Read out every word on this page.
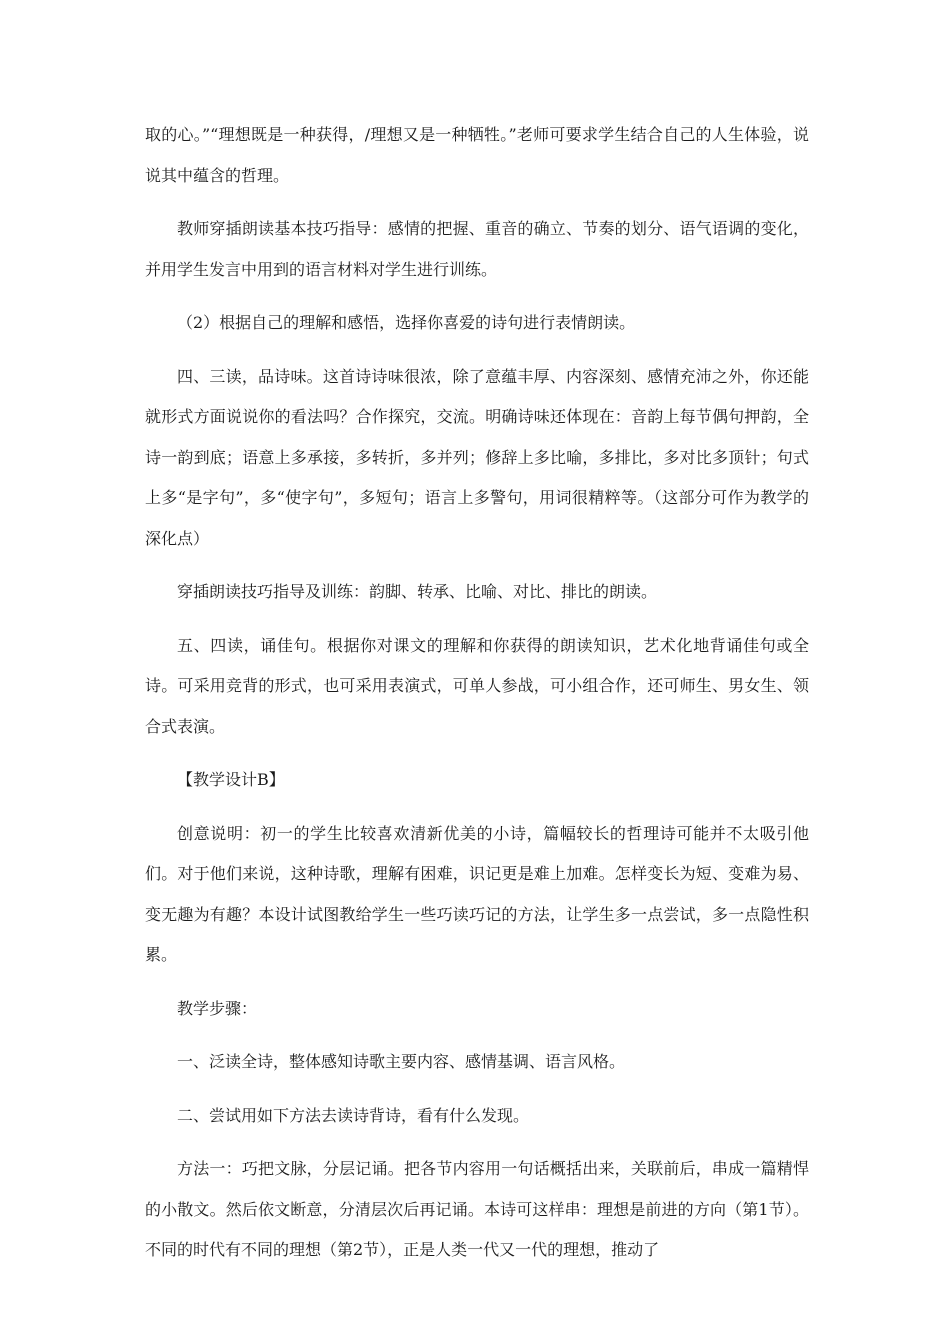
取的心。”“理想既是一种获得，/理想又是一种牺牲。”老师可要求学生结合自己的人生体验，说说其中蕴含的哲理。

教师穿插朗读基本技巧指导：感情的把握、重音的确立、节奏的划分、语气语调的变化，并用学生发言中用到的语言材料对学生进行训练。

（2）根据自己的理解和感悟，选择你喜爱的诗句进行表情朗读。

四、三读，品诗味。这首诗诗味很浓，除了意蕴丰厚、内容深刻、感情充沛之外，你还能就形式方面说说你的看法吗？合作探究，交流。明确诗味还体现在：音韵上每节偶句押韵，全诗一韵到底；语意上多承接，多转折，多并列；修辞上多比喻，多排比，多对比多顶针；句式上多“是字句”，多“使字句”，多短句；语言上多警句，用词很精粹等。（这部分可作为教学的深化点）

穿插朗读技巧指导及训练：韵脚、转承、比喻、对比、排比的朗读。

五、四读，诵佳句。根据你对课文的理解和你获得的朗读知识，艺术化地背诵佳句或全诗。可采用竞背的形式，也可采用表演式，可单人参战，可小组合作，还可师生、男女生、领合式表演。

【教学设计B】

创意说明：初一的学生比较喜欢清新优美的小诗，篇幅较长的哲理诗可能并不太吸引他们。对于他们来说，这种诗歌，理解有困难，识记更是难上加难。怎样变长为短、变难为易、变无趣为有趣？本设计试图教给学生一些巧读巧记的方法，让学生多一点尝试，多一点隐性积累。

教学步骤：

一、泛读全诗，整体感知诗歌主要内容、感情基调、语言风格。

二、尝试用如下方法去读诗背诗，看有什么发现。

方法一：巧把文脉，分层记诵。把各节内容用一句话概括出来，关联前后，串成一篇精悍的小散文。然后依文断意，分清层次后再记诵。本诗可这样串：理想是前进的方向（第1节）。不同的时代有不同的理想（第2节），正是人类一代又一代的理想，推动了
